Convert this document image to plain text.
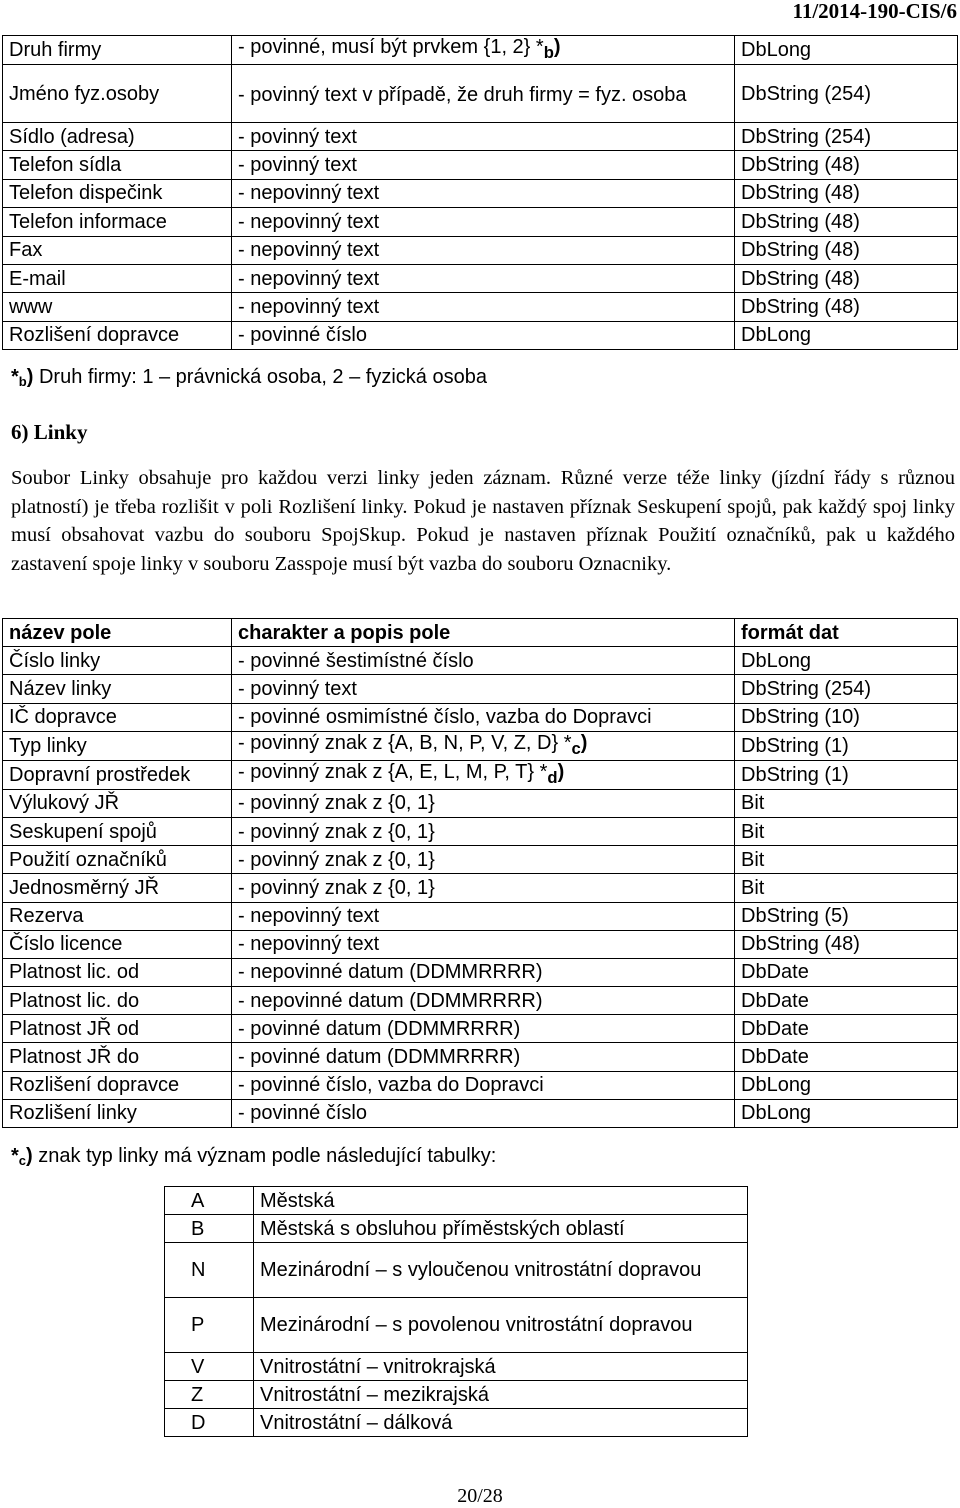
11/2014-190-CIS/6
Druh firmy	- povinné, musí být prvkem {1, 2} $*_b$)	DbLong
Jméno fyz.osoby	- povinný text v případě, že druh firmy = fyz. osoba	DbString (254)
Sídlo (adresa)	- povinný text	DbString (254)
Telefon sídla	- povinný text	DbString (48)
Telefon dispečink	- nepovinný text	DbString (48)
Telefon informace	- nepovinný text	DbString (48)
Fax	- nepovinný text	DbString (48)
E-mail	- nepovinný text	DbString (48)
www	- nepovinný text	DbString (48)
Rozlišení dopravce	- povinné číslo	DbLong
$*_b$) Druh firmy: 1 – právnická osoba, 2 – fyzická osoba
6) Linky
Soubor Linky obsahuje pro každou verzi linky jeden záznam. Různé verze téže linky (jízdní řády s různou platností) je třeba rozlišit v poli Rozlišení linky. Pokud je nastaven příznak Seskupení spojů, pak každý spoj linky musí obsahovat vazbu do souboru SpojSkup. Pokud je nastaven příznak Použití označníků, pak u každého zastavení spoje linky v souboru Zasspoje musí být vazba do souboru Oznacniky.
název pole	charakter a popis pole	formát dat
Číslo linky	- povinné šestimístné číslo	DbLong
Název linky	- povinný text	DbString (254)
IČ dopravce	- povinné osmimístné číslo, vazba do Dopravci	DbString (10)
Typ linky	- povinný znak z {A, B, N, P, V, Z, D} $*_c$)	DbString (1)
Dopravní prostředek	- povinný znak z {A, E, L, M, P, T} $*_d$)	DbString (1)
Výlukový JŘ	- povinný znak z {0, 1}	Bit
Seskupení spojů	- povinný znak z {0, 1}	Bit
Použití označníků	- povinný znak z {0, 1}	Bit
Jednosměrný JŘ	- povinný znak z {0, 1}	Bit
Rezerva	- nepovinný text	DbString (5)
Číslo licence	- nepovinný text	DbString (48)
Platnost lic. od	- nepovinné datum (DDMMRRRR)	DbDate
Platnost lic. do	- nepovinné datum (DDMMRRRR)	DbDate
Platnost JŘ od	- povinné datum (DDMMRRRR)	DbDate
Platnost JŘ do	- povinné datum (DDMMRRRR)	DbDate
Rozlišení dopravce	- povinné číslo, vazba do Dopravci	DbLong
Rozlišení linky	- povinné číslo	DbLong
$*_c$) znak typ linky má význam podle následující tabulky:
A	Městská
B	Městská s obsluhou příměstských oblastí
N	Mezinárodní – s vyloučenou vnitrostátní dopravou
P	Mezinárodní – s povolenou vnitrostátní dopravou
V	Vnitrostátní – vnitrokrajská
Z	Vnitrostátní – mezikrajská
D	Vnitrostátní – dálková
20/28
